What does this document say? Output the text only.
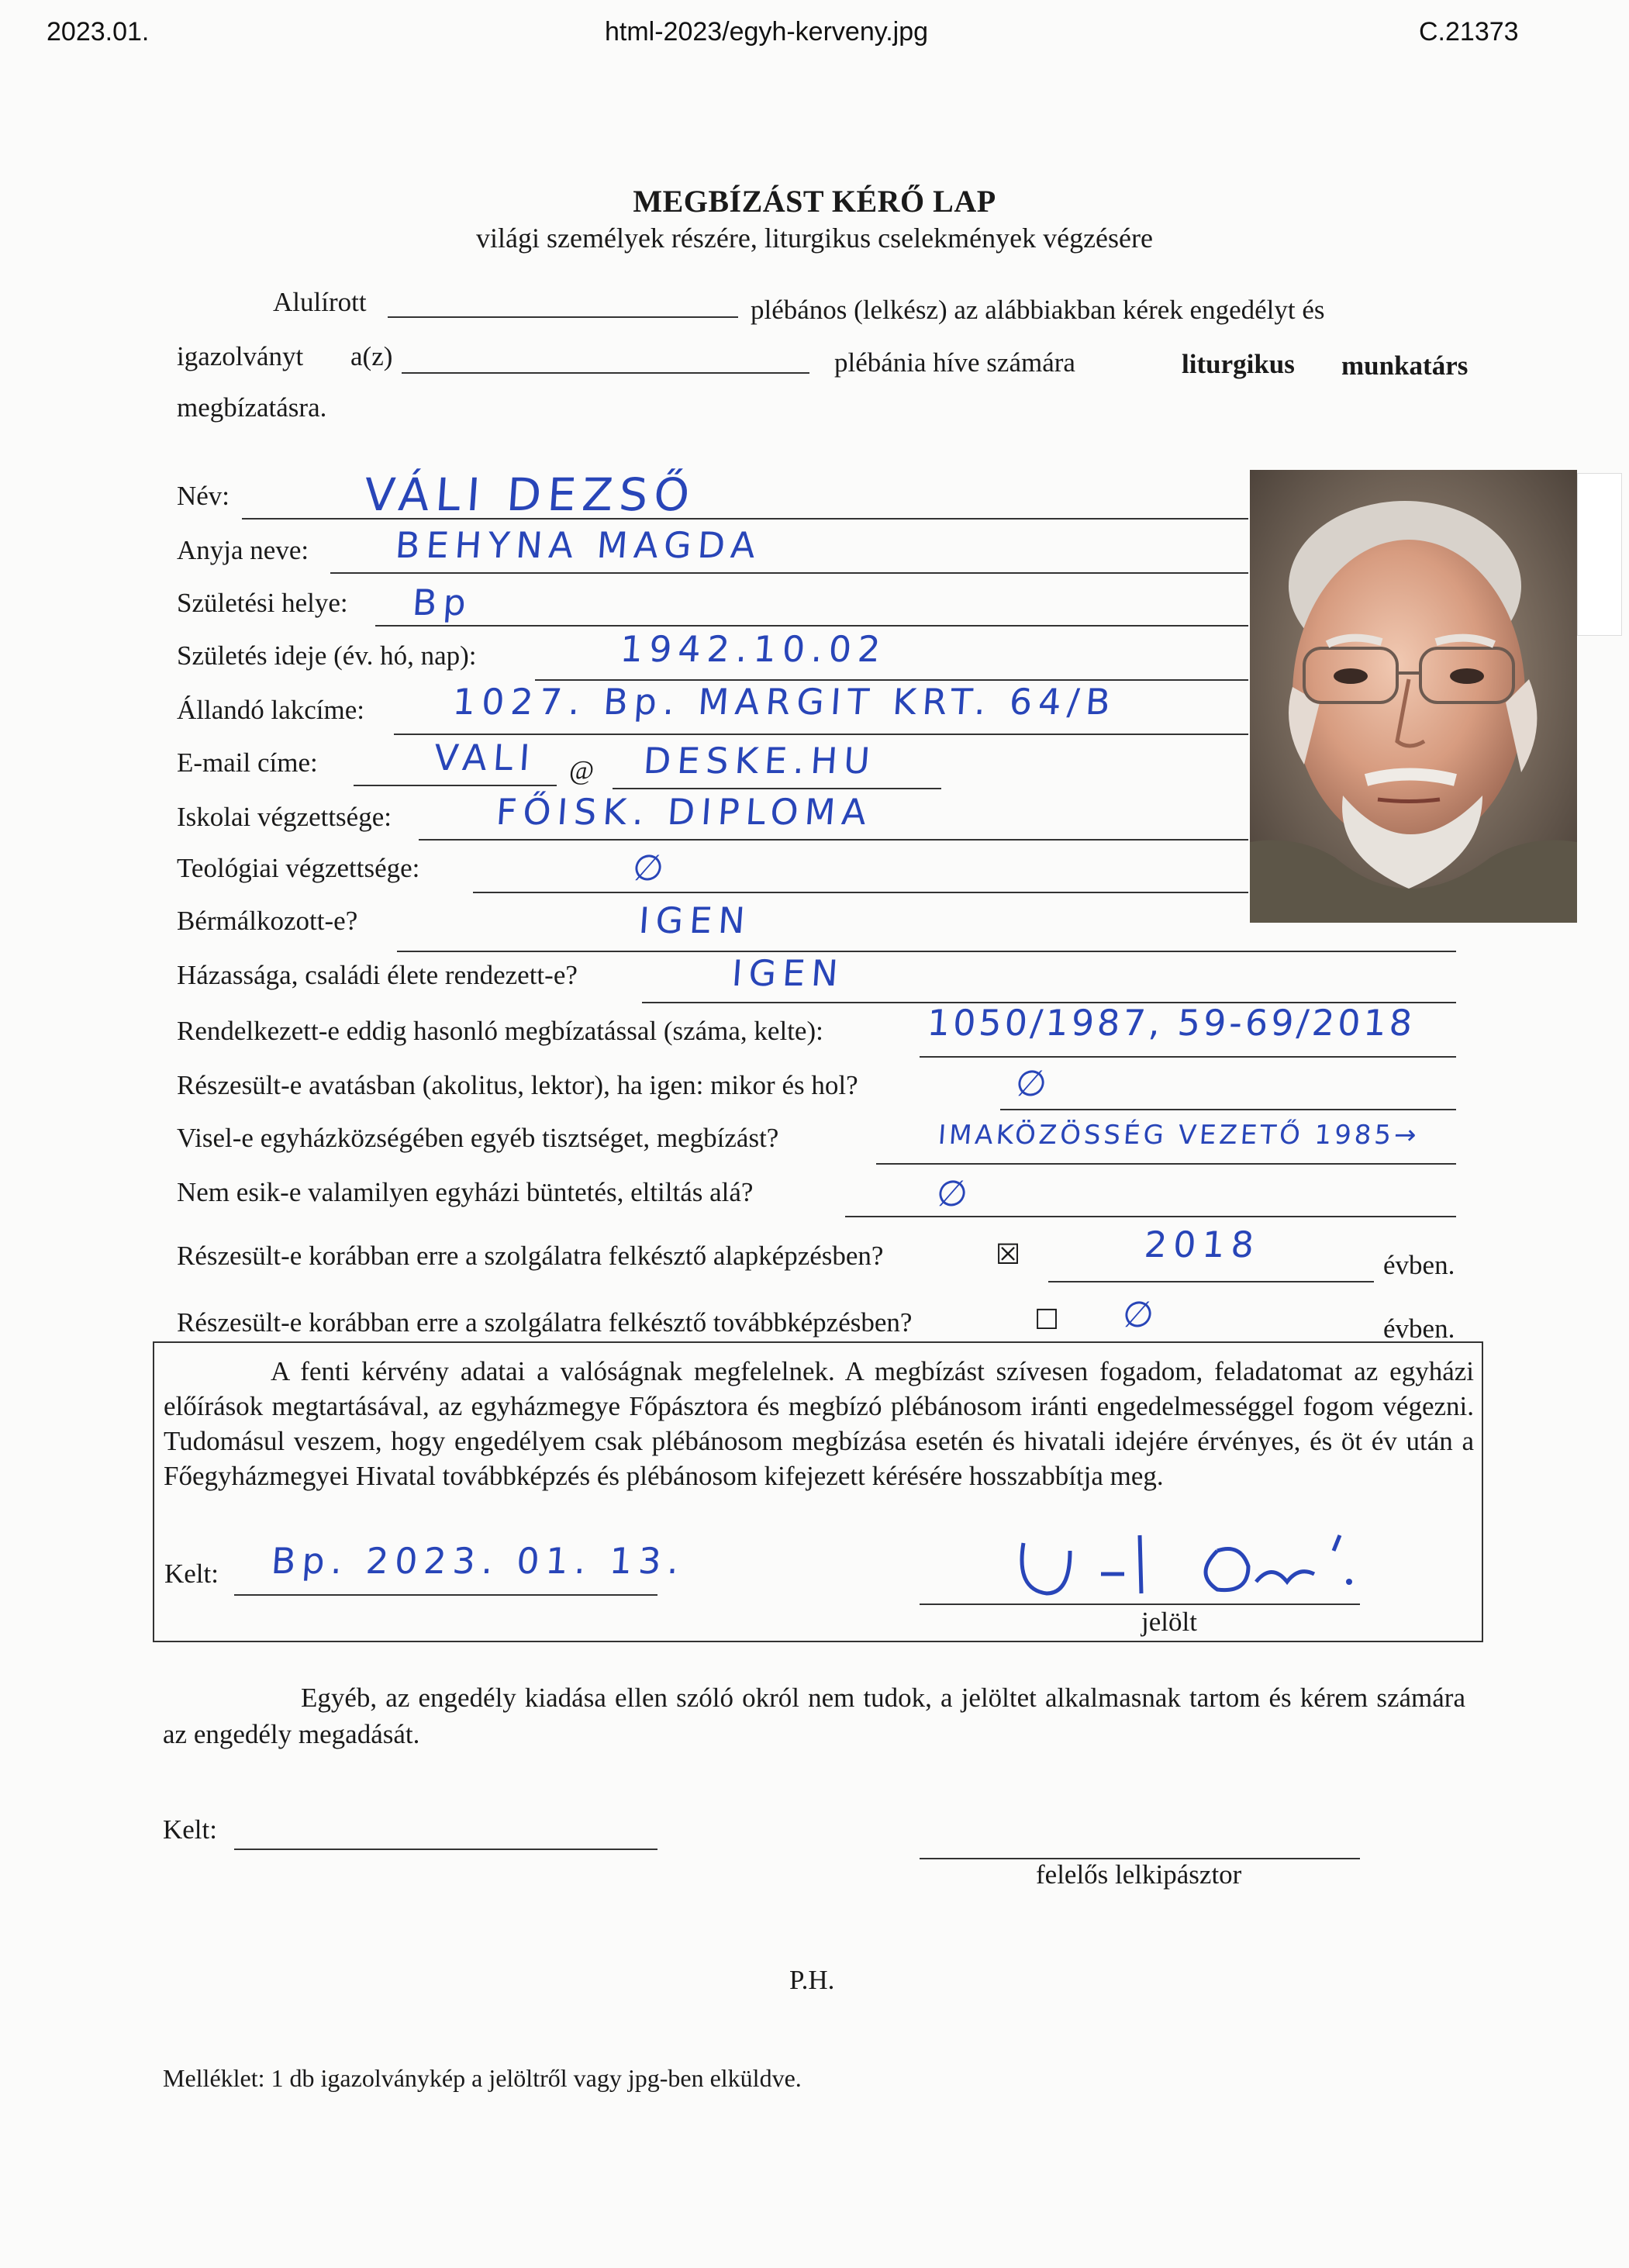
2023.01.	html-2023/egyh-kerveny.jpg	C.21373
MEGBÍZÁST KÉRŐ LAP
világi személyek részére, liturgikus cselekmények végzésére
Alulírott	plébános (lelkész) az alábbiakban kérek engedélyt és
igazolványt a(z)	plébánia híve számára	liturgikus munkatárs
megbízatásra.
Név:	VÁLI DEZSŐ
Anyja neve: BEHYNA MAGDA
Születési helye: Bp
Születés ideje (év. hó, nap):	1942.10.02
Állandó lakcíme: 1027. Bp. MARGIT KRT. 64/B
E-mail címe:	VALI @ DESKE.HU
Iskolai végzettsége:	FŐISK. DIPLOMA
Teológiai végzettsége:	∅
Bérmálkozott-e?	IGEN
Házassága, családi élete rendezett-e?	IGEN
Rendelkezett-e eddig hasonló megbízatással (száma, kelte):	1050/1987, 59-69/2018
Részesült-e avatásban (akolitus, lektor), ha igen: mikor és hol?	∅
Visel-e egyházközségében egyéb tisztséget, megbízást?	IMAKÖZÖSSÉG VEZETŐ 1985→
Nem esik-e valamilyen egyházi büntetés, eltiltás alá?	∅
Részesült-e korábban erre a szolgálatra felkésztő alapképzésben?	☒	2018	évben.
Részesült-e korábban erre a szolgálatra felkésztő továbbképzésben?	☐ ∅	évben.
A fenti kérvény adatai a valóságnak megfelelnek. A megbízást szívesen fogadom, feladatomat az egyházi előírások megtartásával, az egyházmegye Főpásztora és megbízó plébánosom iránti engedelmességgel fogom végezni. Tudomásul veszem, hogy engedélyem csak plébánosom megbízása esetén és hivatali idejére érvényes, és öt év után a Főegyházmegyei Hivatal továbbképzés és plébánosom kifejezett kérésére hosszabbítja meg.
Kelt: Bp. 2023. 01. 13.
jelölt
Egyéb, az engedély kiadása ellen szóló okról nem tudok, a jelöltet alkalmasnak tartom és kérem számára az engedély megadását.
Kelt:
felelős lelkipásztor
P.H.
Melléklet: 1 db igazolványkép a jelöltről vagy jpg-ben elküldve.
